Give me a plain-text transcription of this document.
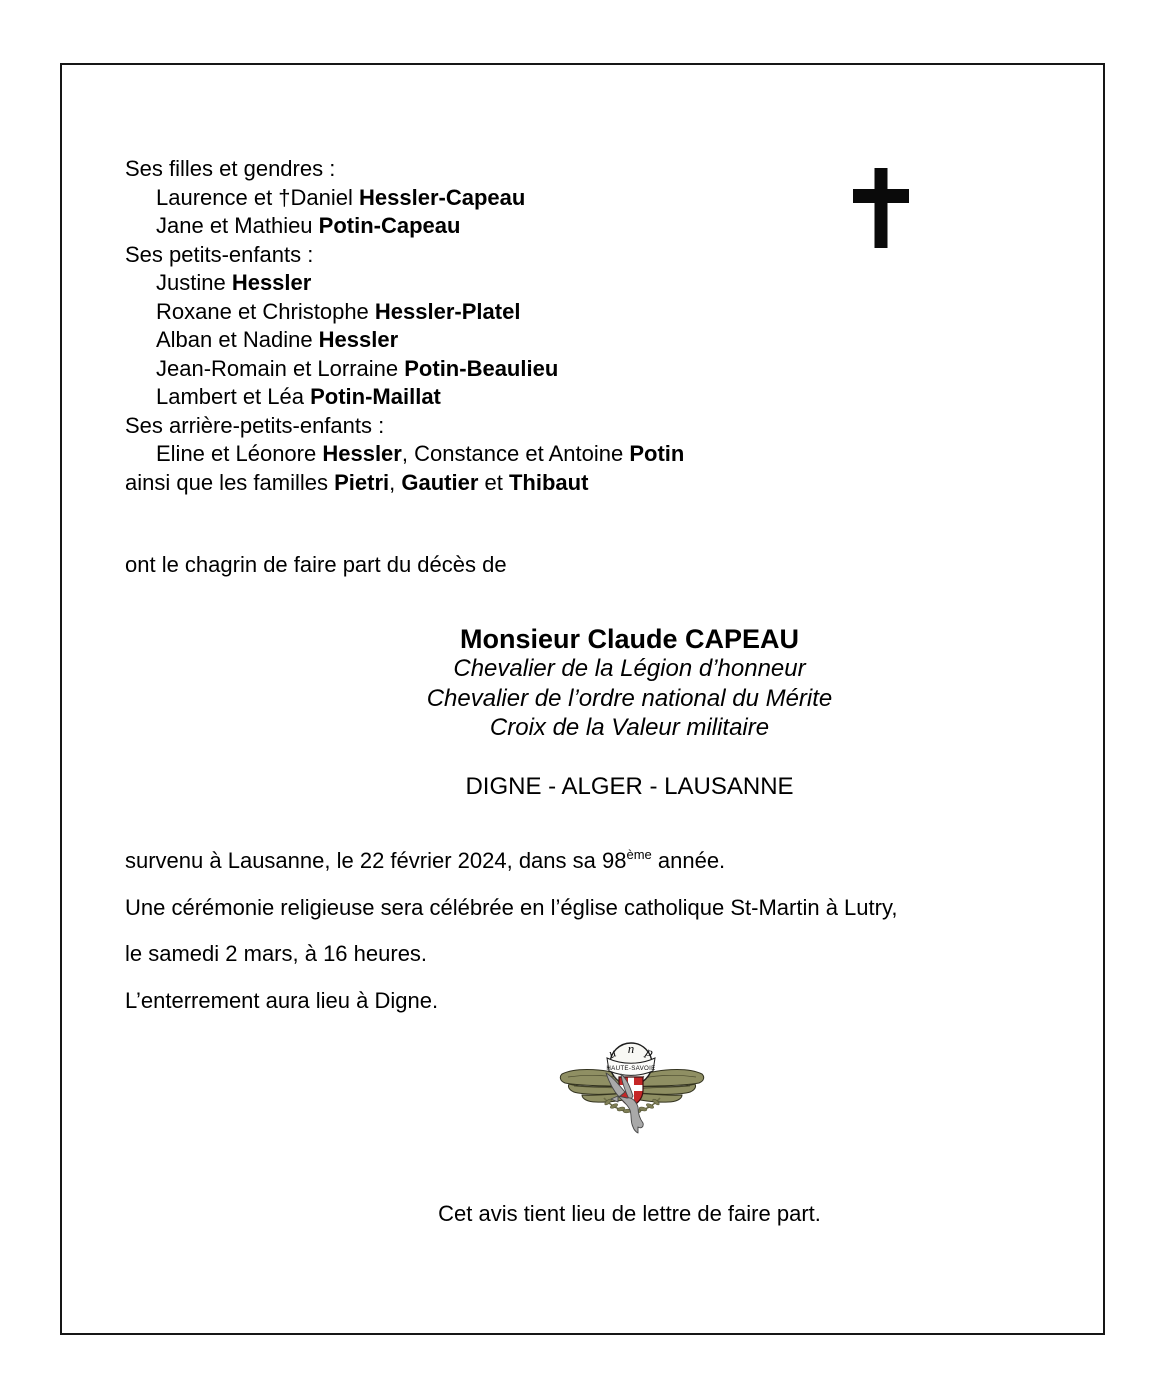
Ses filles et gendres :
Laurence et †Daniel Hessler-Capeau
Jane et Mathieu Potin-Capeau
Ses petits-enfants :
Justine Hessler
Roxane et Christophe Hessler-Platel
Alban et Nadine Hessler
Jean-Romain et Lorraine Potin-Beaulieu
Lambert et Léa Potin-Maillat
Ses arrière-petits-enfants :
Eline et Léonore Hessler, Constance et Antoine Potin
ainsi que les familles Pietri, Gautier et Thibaut
ont le chagrin de faire part du décès de
Monsieur Claude CAPEAU
Chevalier de la Légion d’honneur
Chevalier de l’ordre national du Mérite
Croix de la Valeur militaire
DIGNE - ALGER - LAUSANNE
survenu à Lausanne, le 22 février 2024, dans sa 98ème année.
Une cérémonie religieuse sera célébrée en l’église catholique St-Martin à Lutry,
le samedi 2 mars, à 16 heures.
L’enterrement aura lieu à Digne.
u n p
HAUTE-SAVOIE
Cet avis tient lieu de lettre de faire part.
